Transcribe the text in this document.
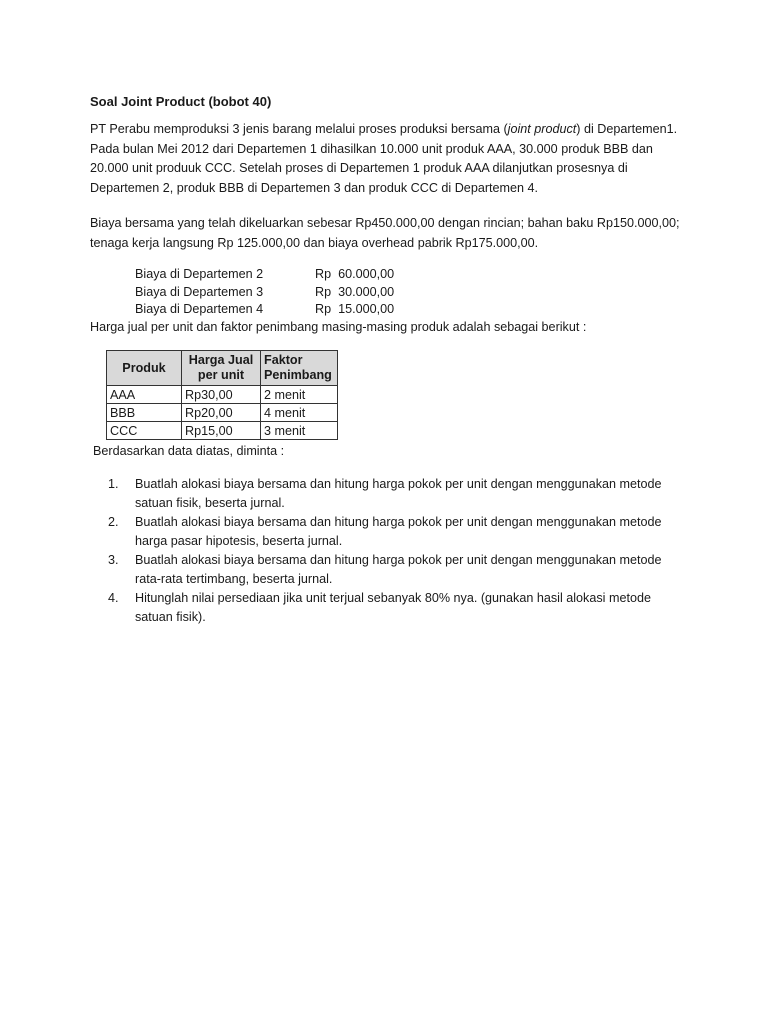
Soal Joint Product (bobot 40)
PT Perabu memproduksi 3 jenis barang melalui proses produksi bersama (joint product) di Departemen1. Pada bulan Mei 2012 dari Departemen 1 dihasilkan 10.000 unit produk AAA, 30.000 produk BBB dan 20.000 unit produuk CCC. Setelah proses di Departemen 1 produk AAA dilanjutkan prosesnya di Departemen 2, produk BBB di Departemen 3 dan produk CCC di Departemen 4.
Biaya bersama yang telah dikeluarkan sebesar Rp450.000,00 dengan rincian; bahan baku Rp150.000,00; tenaga kerja langsung Rp 125.000,00 dan biaya overhead pabrik Rp175.000,00.
Biaya di Departemen 2	Rp  60.000,00
Biaya di Departemen 3	Rp  30.000,00
Biaya di Departemen 4	Rp  15.000,00
Harga jual per unit dan faktor penimbang masing-masing produk adalah sebagai berikut :
Produk	Harga Jual per unit	Faktor Penimbang
AAA	Rp30,00	2 menit
BBB	Rp20,00	4 menit
CCC	Rp15,00	3 menit
Berdasarkan data diatas, diminta :
1.	Buatlah alokasi biaya bersama dan hitung harga pokok per unit dengan menggunakan metode satuan fisik, beserta jurnal.
2.	Buatlah alokasi biaya bersama dan hitung harga pokok per unit dengan menggunakan metode harga pasar hipotesis, beserta jurnal.
3.	Buatlah alokasi biaya bersama dan hitung harga pokok per unit dengan menggunakan metode rata-rata tertimbang, beserta jurnal.
4.	Hitunglah nilai persediaan jika unit terjual sebanyak 80% nya. (gunakan hasil alokasi metode satuan fisik).
